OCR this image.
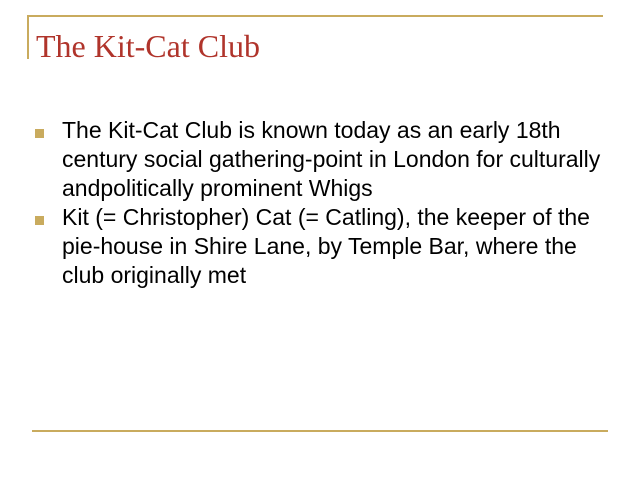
The Kit-Cat Club
The Kit-Cat Club is known today as an early 18th century social gathering-point in London for culturally andpolitically prominent Whigs
Kit (= Christopher) Cat (= Catling), the keeper of the pie-house in Shire Lane, by Temple Bar, where the club originally met
